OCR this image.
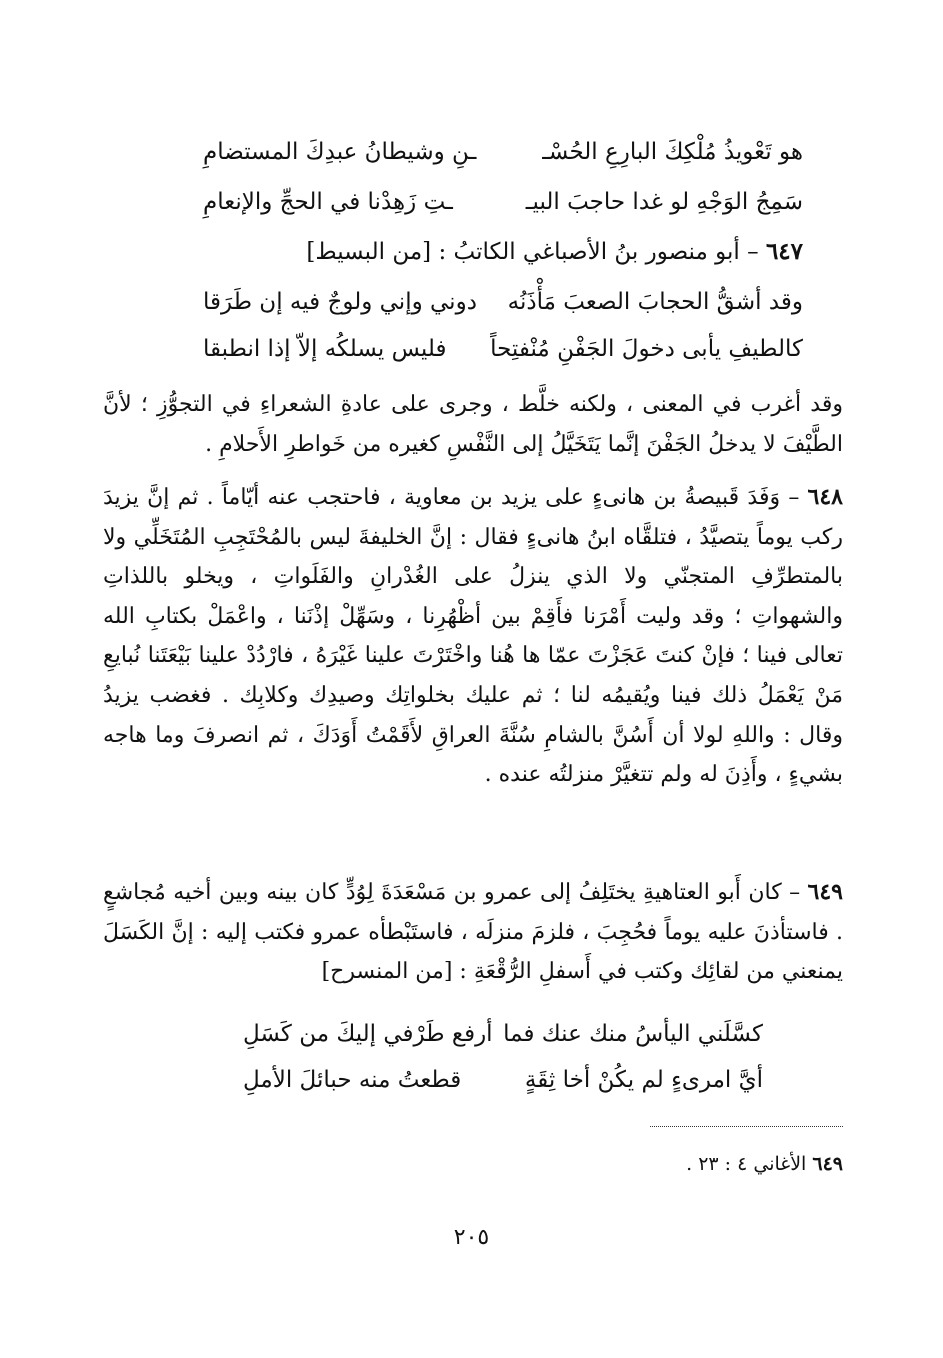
هو تَعْويذُ مُلْكِكَ البارِعِ الحُسْـ
ـنِ وشيطانُ عبدِكَ المستضامِ
سَمِجُ الوَجْهِ لو غدا حاجبَ البيـ
ـتِ زَهِدْنا في الحجِّ والإنعامِ
٦٤٧ – أبو منصور بنُ الأصباغي الكاتبُ : [من البسيط]
وقد أشقُّ الحجابَ الصعبَ مَأْذَنُه
دوني وإني ولوجٌ فيه إن طَرَقا
كالطيفِ يأبى دخولَ الجَفْنِ مُنْفتِحاً
فليس يسلكُه إلاّ إذا انطبقا

وقد أغرب في المعنى ، ولكنه خلَّط ، وجرى على عادةِ الشعراءِ في التجوُّزِ ؛ لأنَّ الطَّيْفَ لا يدخلُ الجَفْنَ إنَّما يَتَخَيَّلُ إلى النَّفْسِ كغيره من خَواطرِ الأَحلامِ .

٦٤٨ – وَفَدَ قَبيصةُ بن هانىءٍ على يزيد بن معاوية ، فاحتجب عنه أيّاماً . ثم إنَّ يزيدَ ركب يوماً يتصيَّدُ ، فتلقَّاه ابنُ هانىءٍ فقال : إنَّ الخليفةَ ليس بالمُحْتَجِبِ المُتَخَلِّي ولا بالمتطرِّفِ المتجنّي ولا الذي ينزلُ على الغُدْرانِ والفَلَواتِ ، ويخلو باللذاتِ والشهواتِ ؛ وقد وليت أَمْرَنا فأَقِمْ بين أظْهُرِنا ، وسَهِّلْ إذْنَنا ، واعْمَلْ بكتابِ الله تعالى فينا ؛ فإنْ كنتَ عَجَزْتَ عمّا ها هُنا واخْتَرْتَ علينا غَيْرَهُ ، فارْدُدْ علينا بَيْعَتَنا نُبايعِ مَنْ يَعْمَلُ ذلك فينا ويُقيمُه لنا ؛ ثم عليك بخلواتِك وصيدِك وكلابِك . فغضب يزيدُ وقال : واللهِ لولا أن أَسُنَّ بالشامِ سُنَّةَ العراقِ لأَقَمْتُ أَوَدَكَ ، ثم انصرفَ وما هاجه بشيءٍ ، وأَذِنَ له ولم تتغيَّرْ منزلتُه عنده .

٦٤٩ – كان أَبو العتاهيةِ يختَلِفُ إلى عمرو بن مَسْعَدَةَ لِوُدٍّ كان بينه وبين أخيه مُجاشعٍ . فاستأذنَ عليه يوماً فحُجِبَ ، فلزمَ منزلَه ، فاستَبْطأه عمرو فكتب إليه : إنَّ الكَسَلَ يمنعني من لقائِك وكتب في أَسفلِ الرُّقْعَةِ : [من المنسرح]

كسَّلَني اليأسُ منك عنك فما
أرفع طَرْفي إليكَ من كَسَلِ
أيَّ امرىءٍ لم يكُنْ أخا ثِقَةٍ
قطعتُ منه حبائلَ الأملِ
٦٤٩ الأغاني ٤ : ٢٣ .
٢٠٥
